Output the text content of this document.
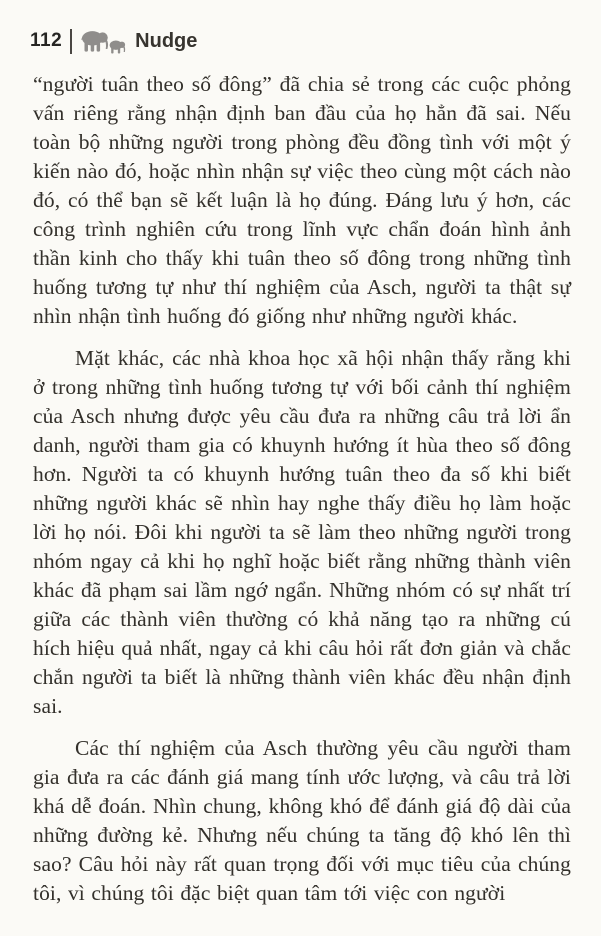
112	Nudge

“người tuân theo số đông” đã chia sẻ trong các cuộc phỏng vấn riêng rằng nhận định ban đầu của họ hẳn đã sai. Nếu toàn bộ những người trong phòng đều đồng tình với một ý kiến nào đó, hoặc nhìn nhận sự việc theo cùng một cách nào đó, có thể bạn sẽ kết luận là họ đúng. Đáng lưu ý hơn, các công trình nghiên cứu trong lĩnh vực chẩn đoán hình ảnh thần kinh cho thấy khi tuân theo số đông trong những tình huống tương tự như thí nghiệm của Asch, người ta thật sự nhìn nhận tình huống đó giống như những người khác.

Mặt khác, các nhà khoa học xã hội nhận thấy rằng khi ở trong những tình huống tương tự với bối cảnh thí nghiệm của Asch nhưng được yêu cầu đưa ra những câu trả lời ẩn danh, người tham gia có khuynh hướng ít hùa theo số đông hơn. Người ta có khuynh hướng tuân theo đa số khi biết những người khác sẽ nhìn hay nghe thấy điều họ làm hoặc lời họ nói. Đôi khi người ta sẽ làm theo những người trong nhóm ngay cả khi họ nghĩ hoặc biết rằng những thành viên khác đã phạm sai lầm ngớ ngẩn. Những nhóm có sự nhất trí giữa các thành viên thường có khả năng tạo ra những cú hích hiệu quả nhất, ngay cả khi câu hỏi rất đơn giản và chắc chắn người ta biết là những thành viên khác đều nhận định sai.

Các thí nghiệm của Asch thường yêu cầu người tham gia đưa ra các đánh giá mang tính ước lượng, và câu trả lời khá dễ đoán. Nhìn chung, không khó để đánh giá độ dài của những đường kẻ. Nhưng nếu chúng ta tăng độ khó lên thì sao? Câu hỏi này rất quan trọng đối với mục tiêu của chúng tôi, vì chúng tôi đặc biệt quan tâm tới việc con người
